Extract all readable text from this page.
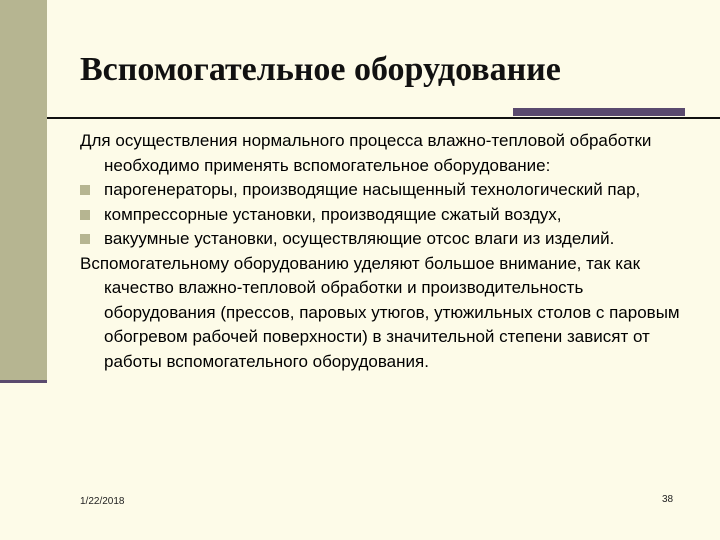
Вспомогательное оборудование

Для осуществления нормального процесса влажно-тепловой обработки необходимо применять вспомогательное оборудование:

парогенераторы, производящие насыщенный технологический пар,
компрессорные установки, производящие сжатый воздух,
вакуумные установки, осуществляющие отсос влаги из изделий.

Вспомогательному оборудованию уделяют большое внимание, так как качество влажно-тепловой обработки и производительность оборудования (прессов, паровых утюгов, утюжильных столов с паровым обогревом рабочей поверхности) в значительной степени зависят от работы вспомогательного оборудования.

1/22/2018	38
